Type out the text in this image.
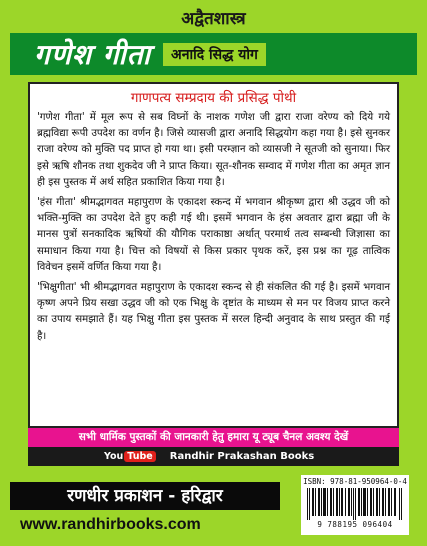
अद्वैतशास्त्र
गणेश गीता	अनादि सिद्ध योग

गाणपत्य सम्प्रदाय की प्रसिद्ध पोथी

'गणेश गीता' में मूल रूप से सब विघ्नों के नाशक गणेश जी द्वारा राजा वरेण्य को दिये गये ब्रह्मविद्या रूपी उपदेश का वर्णन है। जिसे व्यासजी द्वारा अनादि सिद्धयोग कहा गया है। इसे सुनकर राजा वरेण्य को मुक्ति पद प्राप्त हो गया था। इसी परम्ज्ञान को व्यासजी ने सूतजी को सुनाया। फिर इसे ऋषि शौनक तथा शुकदेव जी ने प्राप्त किया। सूत-शौनक सम्वाद में गणेश गीता का अमृत ज्ञान ही इस पुस्तक में अर्थ सहित प्रकाशित किया गया है।

'हंस गीता' श्रीमद्भागवत महापुराण के एकादश स्कन्द में भगवान श्रीकृष्ण द्वारा श्री उद्धव जी को भक्ति-मुक्ति का उपदेश देते हुए कही गई थी। इसमें भगवान के हंस अवतार द्वारा ब्रह्मा जी के मानस पुत्रों सनकादिक ऋषियों की यौगिक पराकाष्ठा अर्थात् परमार्थ तत्व सम्बन्धी जिज्ञासा का समाधान किया गया है। चित्त को विषयों से किस प्रकार पृथक करें, इस प्रश्न का गूढ़ तात्विक विवेचन इसमें वर्णित किया गया है।

'भिक्षुगीता' भी श्रीमद्भागवत महापुराण के एकादश स्कन्द से ही संकलित की गई है। इसमें भगवान कृष्ण अपने प्रिय सखा उद्धव जी को एक भिक्षु के दृष्टांत के माध्यम से मन पर विजय प्राप्त करने का उपाय समझाते हैं। यह भिक्षु गीता इस पुस्तक में सरल हिन्दी अनुवाद के साथ प्रस्तुत की गई है।

सभी धार्मिक पुस्तकों की जानकारी हेतु हमारा यू ट्यूब चैनल अवश्य देखें
You Tube	Randhir Prakashan Books
रणधीर प्रकाशन - हरिद्वार
www.randhirbooks.com
ISBN: 978-81-950964-0-4
9 788195 096404
